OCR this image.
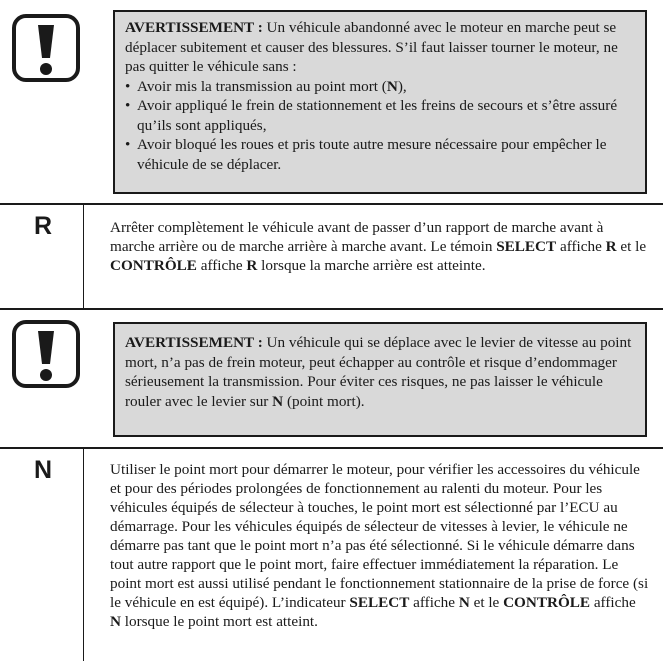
AVERTISSEMENT : Un véhicule abandonné avec le moteur en marche peut se déplacer subitement et causer des blessures. S’il faut laisser tourner le moteur, ne pas quitter le véhicule sans :

• Avoir mis la transmission au point mort (N),
• Avoir appliqué le frein de stationnement et les freins de secours et s’être assuré qu’ils sont appliqués,
• Avoir bloqué les roues et pris toute autre mesure nécessaire pour empêcher le véhicule de se déplacer.
R	Arrêter complètement le véhicule avant de passer d’un rapport de marche avant à marche arrière ou de marche arrière à marche avant. Le témoin SELECT affiche R et le CONTRÔLE affiche R lorsque la marche arrière est atteinte.

AVERTISSEMENT : Un véhicule qui se déplace avec le levier de vitesse au point mort, n’a pas de frein moteur, peut échapper au contrôle et risque d’endommager sérieusement la transmission. Pour éviter ces risques, ne pas laisser le véhicule rouler avec le levier sur N (point mort).

N	Utiliser le point mort pour démarrer le moteur, pour vérifier les accessoires du véhicule et pour des périodes prolongées de fonctionnement au ralenti du moteur. Pour les véhicules équipés de sélecteur à touches, le point mort est sélectionné par l’ECU au démarrage. Pour les véhicules équipés de sélecteur de vitesses à levier, le véhicule ne démarre pas tant que le point mort n’a pas été sélectionné. Si le véhicule démarre dans tout autre rapport que le point mort, faire effectuer immédiatement la réparation. Le point mort est aussi utilisé pendant le fonctionnement stationnaire de la prise de force (si le véhicule en est équipé). L’indicateur SELECT affiche N et le CONTRÔLE affiche N lorsque le point mort est atteint.
